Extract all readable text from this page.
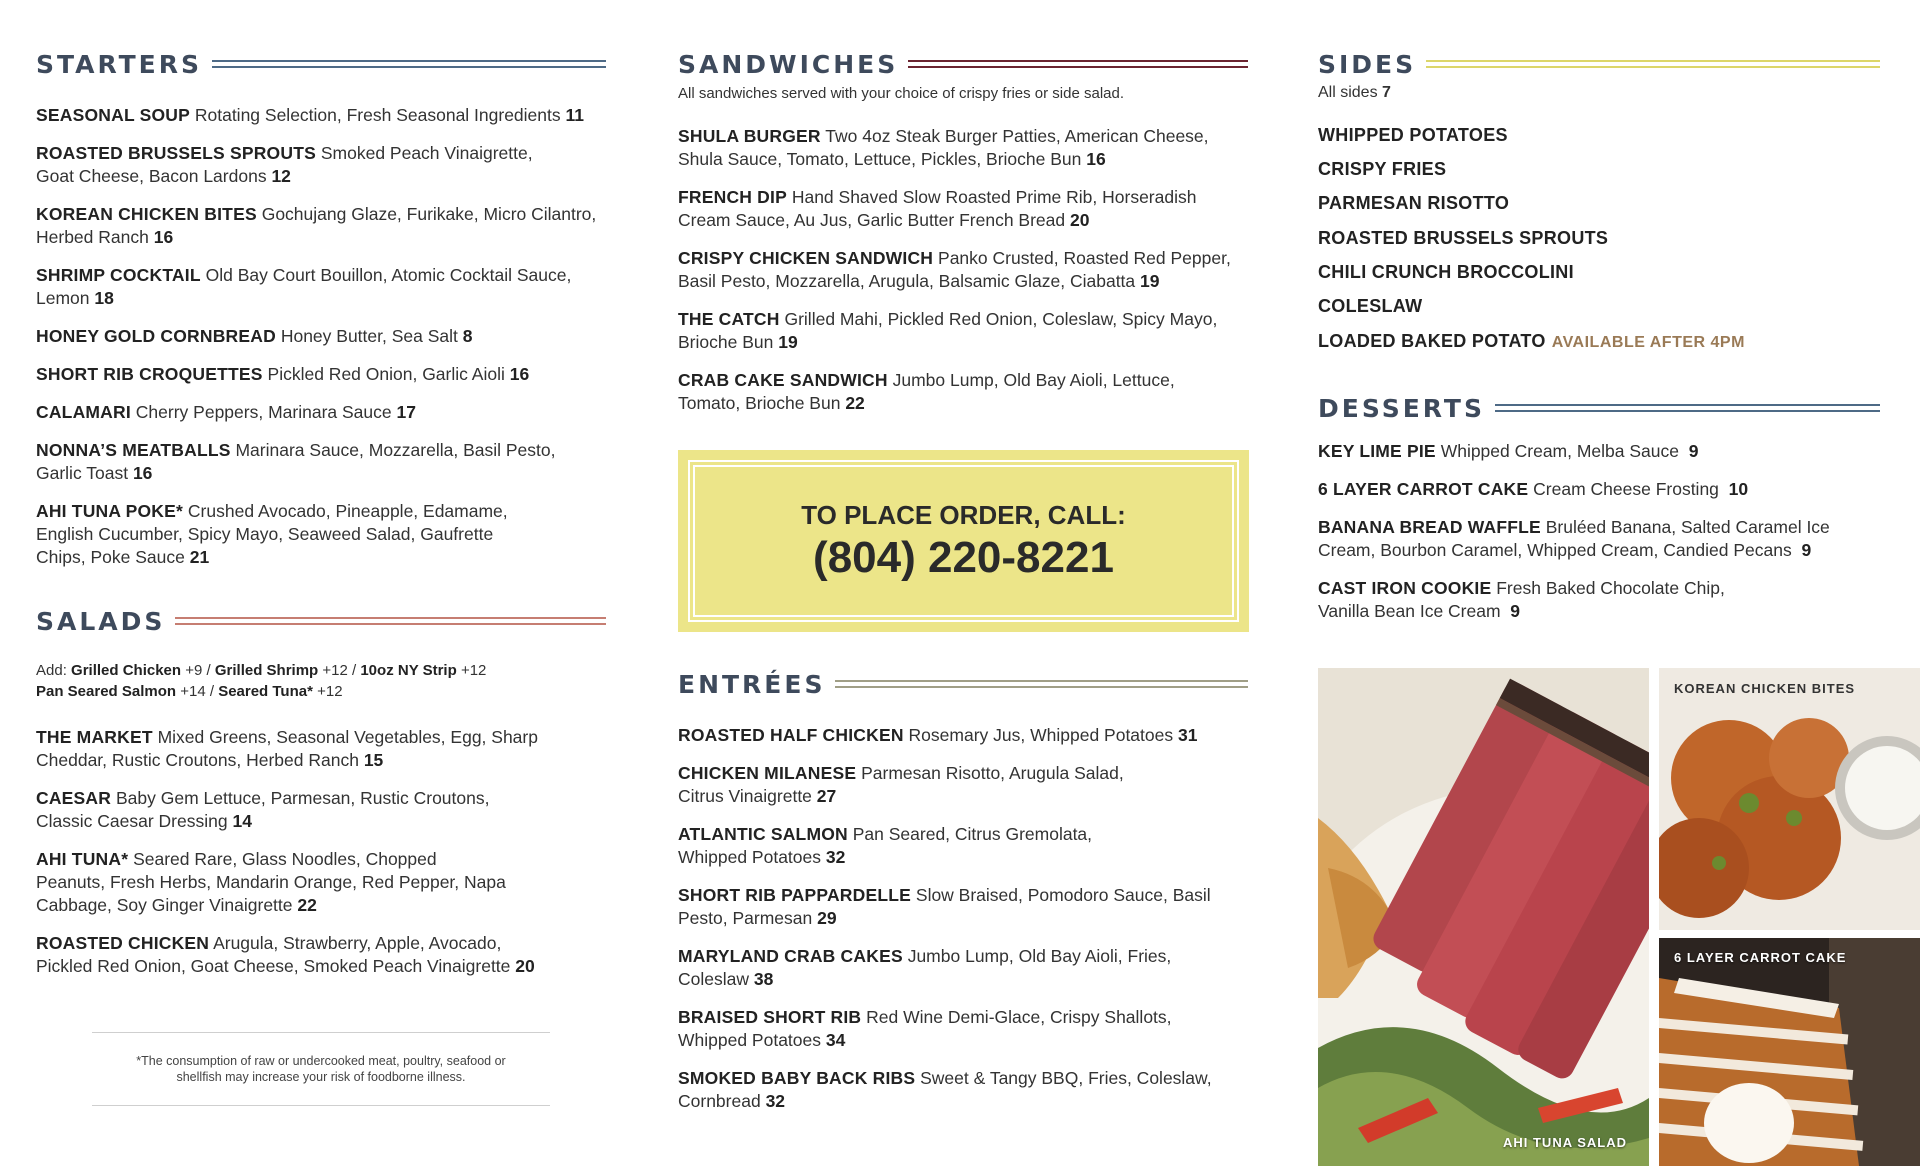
STARTERS
SEASONAL SOUP Rotating Selection, Fresh Seasonal Ingredients 11
ROASTED BRUSSELS SPROUTS Smoked Peach Vinaigrette, Goat Cheese, Bacon Lardons 12
KOREAN CHICKEN BITES Gochujang Glaze, Furikake, Micro Cilantro, Herbed Ranch 16
SHRIMP COCKTAIL Old Bay Court Bouillon, Atomic Cocktail Sauce, Lemon 18
HONEY GOLD CORNBREAD Honey Butter, Sea Salt 8
SHORT RIB CROQUETTES Pickled Red Onion, Garlic Aioli 16
CALAMARI Cherry Peppers, Marinara Sauce 17
NONNA’S MEATBALLS Marinara Sauce, Mozzarella, Basil Pesto, Garlic Toast 16
AHI TUNA POKE* Crushed Avocado, Pineapple, Edamame, English Cucumber, Spicy Mayo, Seaweed Salad, Gaufrette Chips, Poke Sauce 21
SALADS
Add: Grilled Chicken +9 / Grilled Shrimp +12 / 10oz NY Strip +12
Pan Seared Salmon +14 / Seared Tuna* +12
THE MARKET Mixed Greens, Seasonal Vegetables, Egg, Sharp Cheddar, Rustic Croutons, Herbed Ranch 15
CAESAR Baby Gem Lettuce, Parmesan, Rustic Croutons, Classic Caesar Dressing 14
AHI TUNA* Seared Rare, Glass Noodles, Chopped Peanuts, Fresh Herbs, Mandarin Orange, Red Pepper, Napa Cabbage, Soy Ginger Vinaigrette 22
ROASTED CHICKEN Arugula, Strawberry, Apple, Avocado, Pickled Red Onion, Goat Cheese, Smoked Peach Vinaigrette 20
*The consumption of raw or undercooked meat, poultry, seafood or shellfish may increase your risk of foodborne illness.
SANDWICHES
All sandwiches served with your choice of crispy fries or side salad.
SHULA BURGER Two 4oz Steak Burger Patties, American Cheese, Shula Sauce, Tomato, Lettuce, Pickles, Brioche Bun 16
FRENCH DIP Hand Shaved Slow Roasted Prime Rib, Horseradish Cream Sauce, Au Jus, Garlic Butter French Bread 20
CRISPY CHICKEN SANDWICH Panko Crusted, Roasted Red Pepper, Basil Pesto, Mozzarella, Arugula, Balsamic Glaze, Ciabatta 19
THE CATCH Grilled Mahi, Pickled Red Onion, Coleslaw, Spicy Mayo, Brioche Bun 19
CRAB CAKE SANDWICH Jumbo Lump, Old Bay Aioli, Lettuce, Tomato, Brioche Bun 22
TO PLACE ORDER, CALL:
(804) 220-8221
ENTRÉES
ROASTED HALF CHICKEN Rosemary Jus, Whipped Potatoes 31
CHICKEN MILANESE Parmesan Risotto, Arugula Salad, Citrus Vinaigrette 27
ATLANTIC SALMON Pan Seared, Citrus Gremolata, Whipped Potatoes 32
SHORT RIB PAPPARDELLE Slow Braised, Pomodoro Sauce, Basil Pesto, Parmesan 29
MARYLAND CRAB CAKES Jumbo Lump, Old Bay Aioli, Fries, Coleslaw 38
BRAISED SHORT RIB Red Wine Demi-Glace, Crispy Shallots, Whipped Potatoes 34
SMOKED BABY BACK RIBS Sweet & Tangy BBQ, Fries, Coleslaw, Cornbread 32
SIDES
All sides 7
WHIPPED POTATOES
CRISPY FRIES
PARMESAN RISOTTO
ROASTED BRUSSELS SPROUTS
CHILI CRUNCH BROCCOLINI
COLESLAW
LOADED BAKED POTATO AVAILABLE AFTER 4PM
DESSERTS
KEY LIME PIE Whipped Cream, Melba Sauce 9
6 LAYER CARROT CAKE Cream Cheese Frosting 10
BANANA BREAD WAFFLE Bruléed Banana, Salted Caramel Ice Cream, Bourbon Caramel, Whipped Cream, Candied Pecans 9
CAST IRON COOKIE Fresh Baked Chocolate Chip, Vanilla Bean Ice Cream 9
AHI TUNA SALAD
KOREAN CHICKEN BITES
6 LAYER CARROT CAKE
